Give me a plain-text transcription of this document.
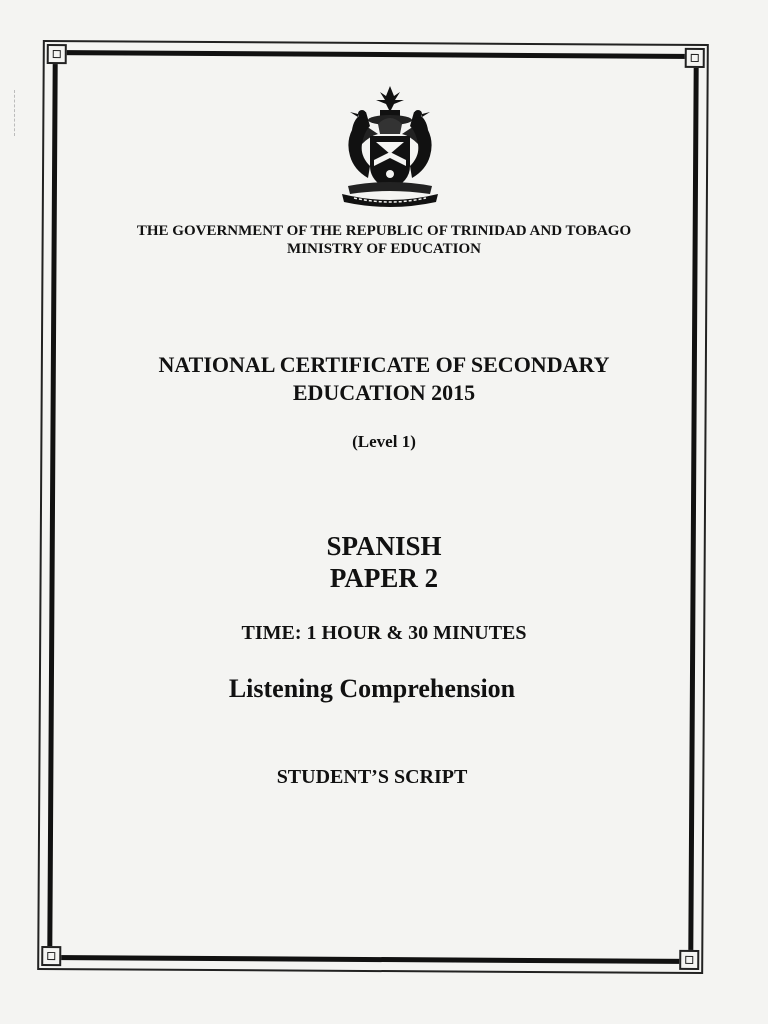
THE GOVERNMENT OF THE REPUBLIC OF TRINIDAD AND TOBAGO
MINISTRY OF EDUCATION
NATIONAL CERTIFICATE OF SECONDARY
EDUCATION 2015
(Level 1)
SPANISH
PAPER 2
TIME: 1 HOUR & 30 MINUTES
Listening Comprehension
STUDENT’S SCRIPT
